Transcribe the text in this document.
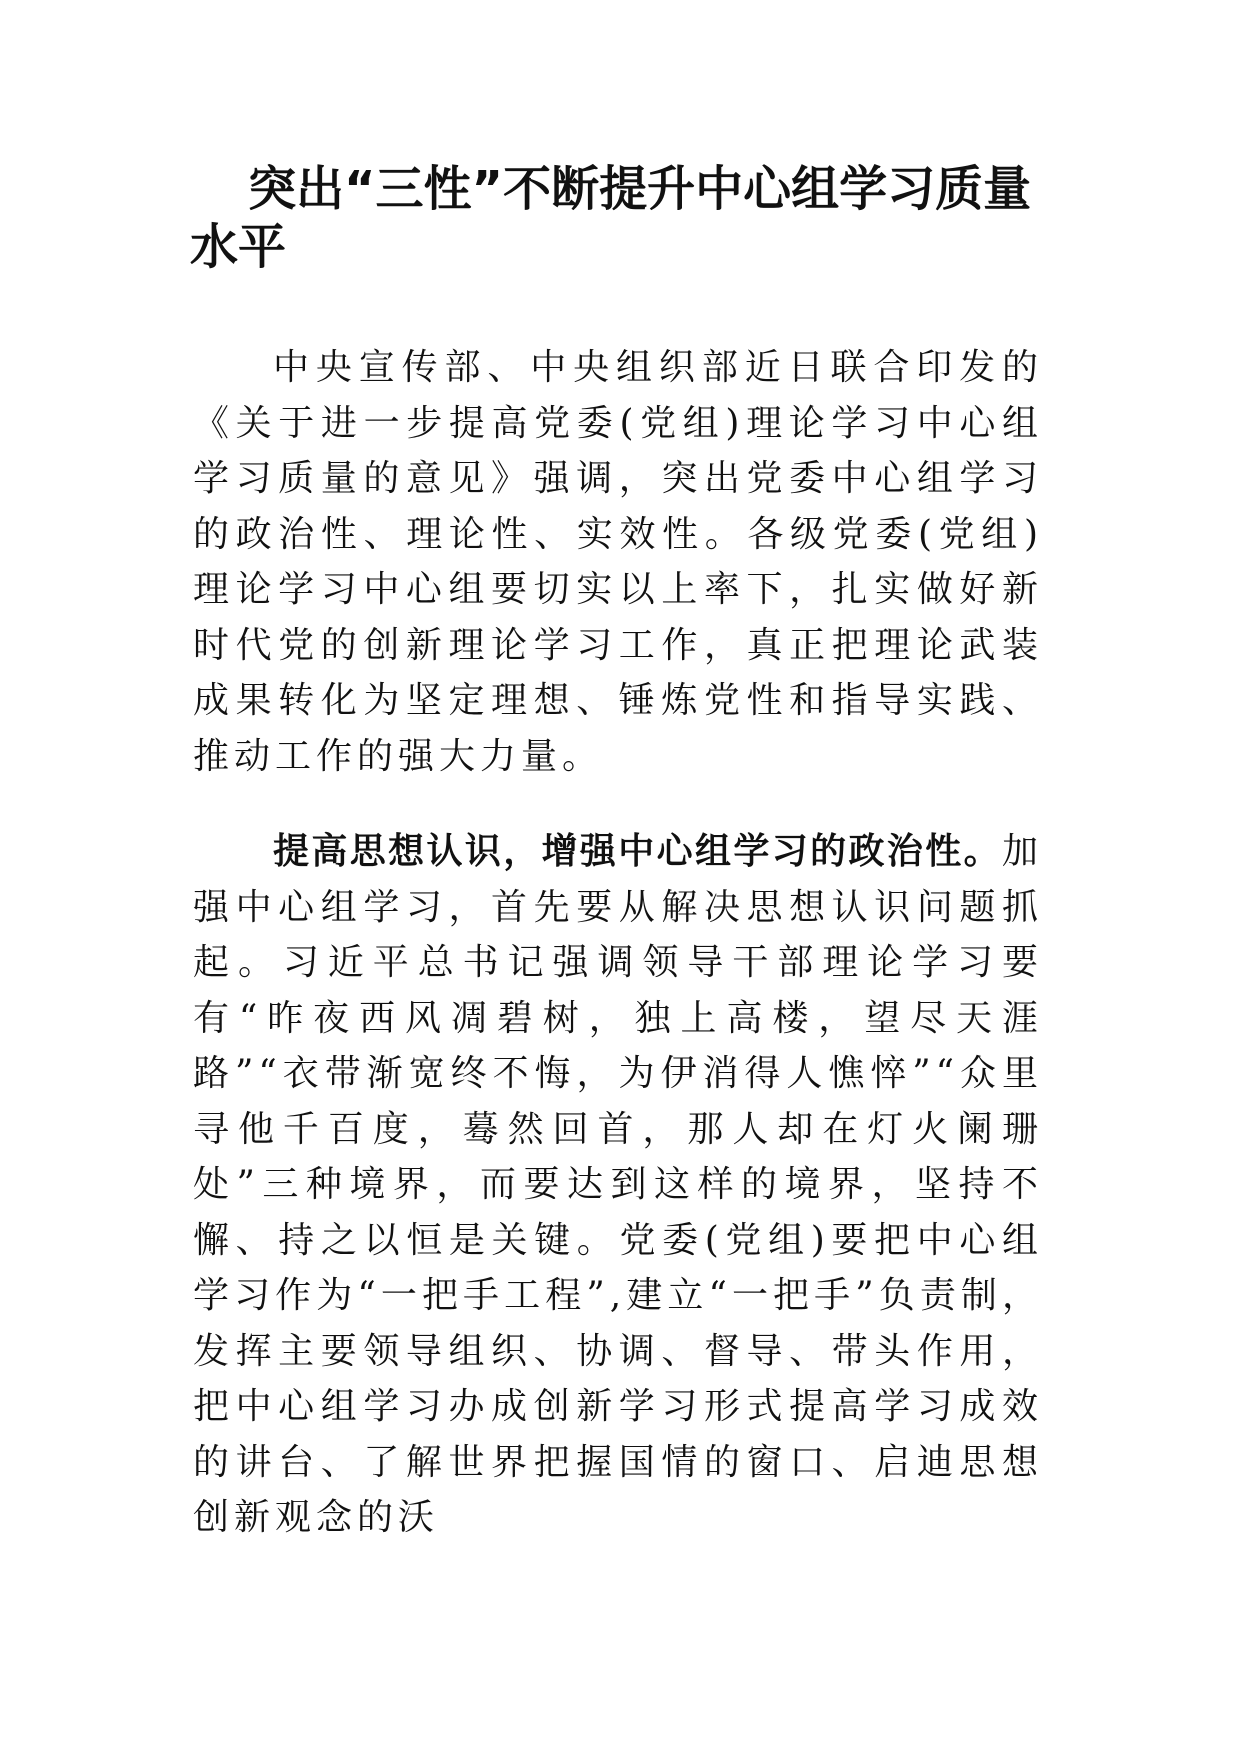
突出“三性”不断提升中心组学习质量水平

中央宣传部、中央组织部近日联合印发的《关于进一步提高党委(党组)理论学习中心组学习质量的意见》强调，突出党委中心组学习的政治性、理论性、实效性。各级党委(党组)理论学习中心组要切实以上率下，扎实做好新时代党的创新理论学习工作，真正把理论武装成果转化为坚定理想、锤炼党性和指导实践、推动工作的强大力量。

提高思想认识，增强中心组学习的政治性。加强中心组学习，首先要从解决思想认识问题抓起。习近平总书记强调领导干部理论学习要有“昨夜西风凋碧树，独上高楼，望尽天涯路”“衣带渐宽终不悔，为伊消得人憔悴”“众里寻他千百度，蓦然回首，那人却在灯火阑珊处”三种境界，而要达到这样的境界，坚持不懈、持之以恒是关键。党委(党组)要把中心组学习作为“一把手工程”,建立“一把手”负责制，发挥主要领导组织、协调、督导、带头作用，把中心组学习办成创新学习形式提高学习成效的讲台、了解世界把握国情的窗口、启迪思想创新观念的沃
